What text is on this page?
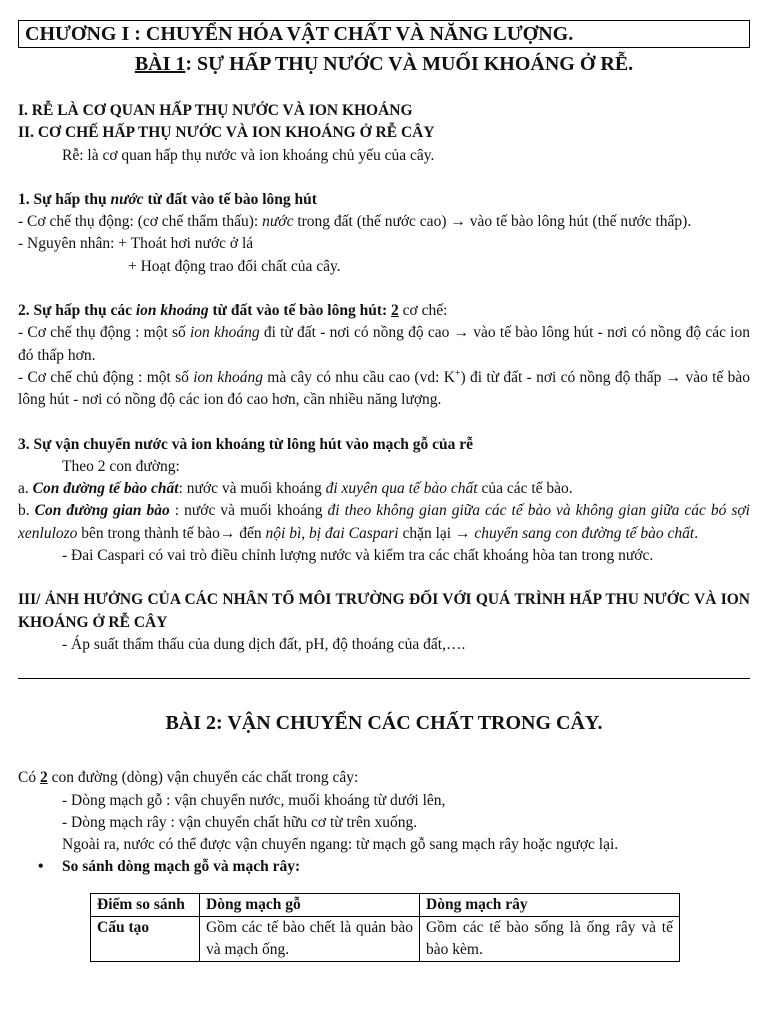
CHƯƠNG I : CHUYỂN HÓA VẬT CHẤT VÀ NĂNG LƯỢNG.
BÀI 1: SỰ HẤP THỤ NƯỚC VÀ MUỐI KHOÁNG Ở RỄ.

I. RỄ LÀ CƠ QUAN HẤP THỤ NƯỚC VÀ ION KHOÁNG

II. CƠ CHẾ HẤP THỤ NƯỚC VÀ ION KHOÁNG Ở RỄ CÂY

Rễ: là cơ quan hấp thụ nước và ion khoáng chủ yếu của cây.

1. Sự hấp thụ nước từ đất vào tế bào lông hút

- Cơ chế thụ động: (cơ chế thẩm thấu): nước trong đất (thế nước cao) → vào tế bào lông hút (thế nước thấp).

- Nguyên nhân: + Thoát hơi nước ở lá

+ Hoạt động trao đổi chất của cây.

2. Sự hấp thụ các ion khoáng từ đất vào tế bào lông hút: 2 cơ chế:

- Cơ chế thụ động : một số ion khoáng đi từ đất - nơi có nồng độ cao → vào tế bào lông hút - nơi có nồng độ các ion đó thấp hơn.

- Cơ chế chủ động : một số ion khoáng mà cây có nhu cầu cao (vd: K+) đi từ đất - nơi có nồng độ thấp → vào tế bào lông hút - nơi có nồng độ các ion đó cao hơn, cần nhiều năng lượng.

3. Sự vận chuyển nước và ion khoáng từ lông hút vào mạch gỗ của rễ

Theo 2 con đường:

a. Con đường tế bào chất: nước và muối khoáng đi xuyên qua tế bào chất của các tế bào.

b. Con đường gian bào : nước và muối khoáng đi theo không gian giữa các tế bào và không gian giữa các bó sợi xenlulozo bên trong thành tế bào→ đến nội bì, bị đai Caspari chặn lại → chuyển sang con đường tế bào chất.

- Đai Caspari có vai trò điều chỉnh lượng nước và kiểm tra các chất khoáng hòa tan trong nước.

III/ ẢNH HƯỞNG CỦA CÁC NHÂN TỐ MÔI TRƯỜNG ĐỐI VỚI QUÁ TRÌNH HẤP THU NƯỚC VÀ ION KHOÁNG Ở RỄ CÂY

- Áp suất thẩm thấu của dung dịch đất, pH, độ thoáng của đất,….

BÀI 2: VẬN CHUYỂN CÁC CHẤT TRONG CÂY.

Có 2 con đường (dòng) vận chuyển các chất trong cây:

- Dòng mạch gỗ : vận chuyển nước, muối khoáng từ dưới lên,

- Dòng mạch rây : vận chuyển chất hữu cơ từ trên xuống.

Ngoài ra, nước có thể được vận chuyển ngang: từ mạch gỗ sang mạch rây hoặc ngược lại.

•	So sánh dòng mạch gỗ và mạch rây:
Điểm so sánh	Dòng mạch gỗ	Dòng mạch rây
Cấu tạo	Gồm các tế bào chết là quản bào và mạch ống.	Gồm các tế bào sống là ống rây và tế bào kèm.
